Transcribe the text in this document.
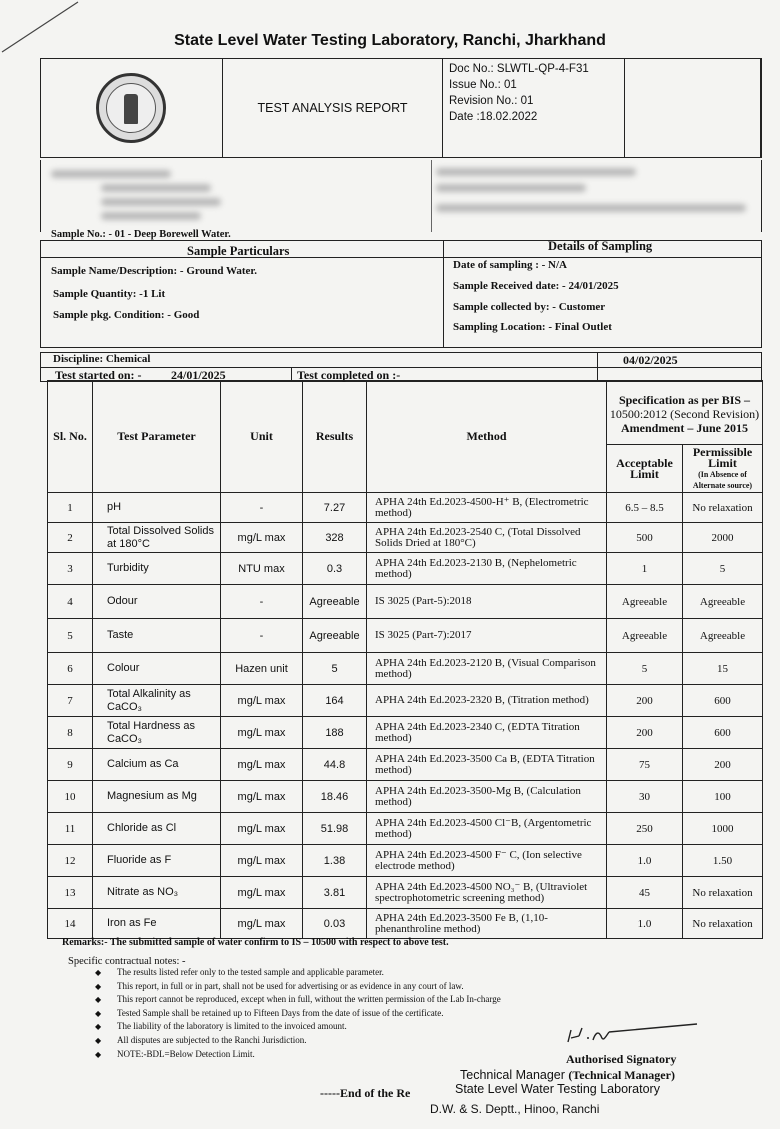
State Level Water Testing Laboratory, Ranchi, Jharkhand
TEST ANALYSIS REPORT
Doc No.: SLWTL-QP-4-F31
Issue No.: 01
Revision No.: 01
Date :18.02.2022
Sample No.: - 01 - Deep Borewell Water.
Sample Particulars	Details of Sampling
Sample Name/Description: - Ground Water.
Sample Quantity: -1 Lit
Sample pkg. Condition: - Good
Date of sampling : - N/A
Sample Received date: - 24/01/2025
Sample collected by: - Customer
Sampling Location: - Final Outlet
Discipline: Chemical
Test started on: - 24/01/2025	Test completed on :-
04/02/2025
Sl. No.	Test Parameter	Unit	Results	Method	Specification as per BIS –
10500:2012 (Second Revision)
Amendment – June 2015	

					Acceptable Limit	Permissible Limit
(In Absence of Alternate source)

1	pH	-	7.27	APHA 24th Ed.2023-4500-H⁺ B, (Electrometric method)	6.5 – 8.5	No relaxation
2	Total Dissolved Solids at 180°C	mg/L max	328	APHA 24th Ed.2023-2540 C, (Total Dissolved Solids Dried at 180°C)	500	2000
3	Turbidity	NTU max	0.3	APHA 24th Ed.2023-2130 B, (Nephelometric method)	1	5
4	Odour	-	Agreeable	IS 3025 (Part-5):2018	Agreeable	Agreeable
5	Taste	-	Agreeable	IS 3025 (Part-7):2017	Agreeable	Agreeable
6	Colour	Hazen unit	5	APHA 24th Ed.2023-2120 B, (Visual Comparison method)	5	15
7	Total Alkalinity as CaCO₃	mg/L max	164	APHA 24th Ed.2023-2320 B, (Titration method)	200	600
8	Total Hardness as CaCO₃	mg/L max	188	APHA 24th Ed.2023-2340 C, (EDTA Titration method)	200	600
9	Calcium as Ca	mg/L max	44.8	APHA 24th Ed.2023-3500 Ca B, (EDTA Titration method)	75	200
10	Magnesium as Mg	mg/L max	18.46	APHA 24th Ed.2023-3500-Mg B, (Calculation method)	30	100
11	Chloride as Cl	mg/L max	51.98	APHA 24th Ed.2023-4500 Cl⁻B, (Argentometric method)	250	1000
12	Fluoride as F	mg/L max	1.38	APHA 24th Ed.2023-4500 F⁻ C, (Ion selective electrode method)	1.0	1.50
13	Nitrate as NO₃	mg/L max	3.81	APHA 24th Ed.2023-4500 NO₃⁻ B, (Ultraviolet spectrophotometric screening method)	45	No relaxation
14	Iron as Fe	mg/L max	0.03	APHA 24th Ed.2023-3500 Fe B, (1,10-phenanthroline method)	1.0	No relaxation
Remarks:- The submitted sample of water confirm to IS – 10500 with respect to above test.
Specific contractual notes: -
◆ The results listed refer only to the tested sample and applicable parameter.
◆ This report, in full or in part, shall not be used for advertising or as evidence in any court of law.
◆ This report cannot be reproduced, except when in full, without the written permission of the Lab In-charge
◆ Tested Sample shall be retained up to Fifteen Days from the date of issue of the certificate.
◆ The liability of the laboratory is limited to the invoiced amount.
◆ All disputes are subjected to the Ranchi Jurisdiction.
◆ NOTE:-BDL=Below Detection Limit.	Authorised Signatory
Technical Manager (Technical Manager)
-----End of the Re	State Level Water Testing Laboratory
D.W. & S. Deptt., Hinoo, Ranchi
